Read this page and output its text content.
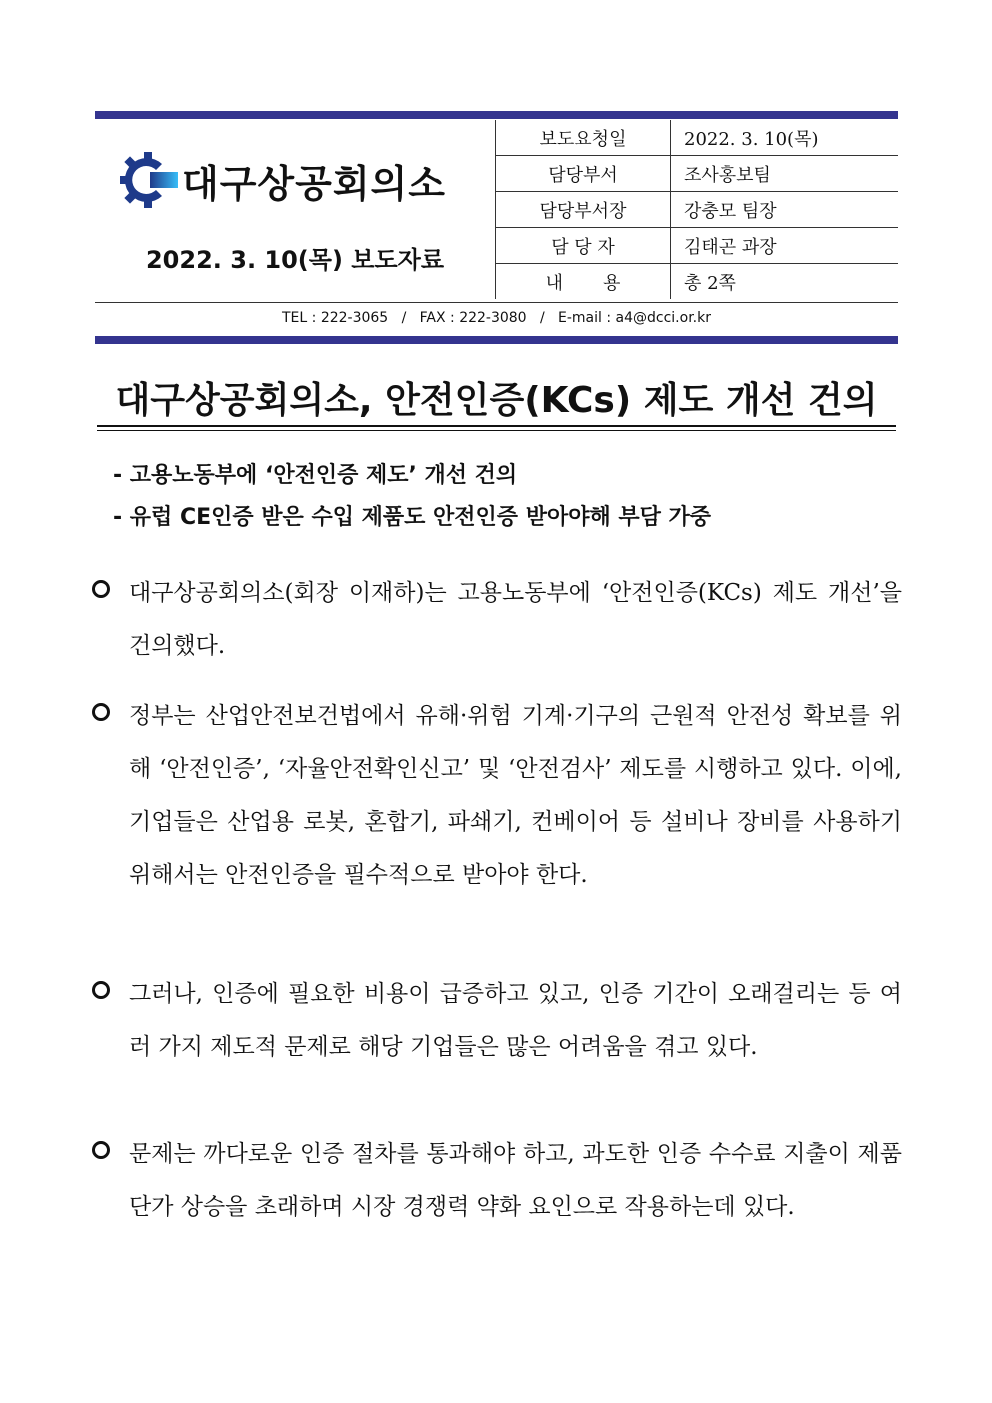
대구상공회의소
2022. 3. 10(목) 보도자료
보도요청일	2022. 3. 10(목)
담당부서	조사홍보팀
담당부서장	강충모 팀장
담 당 자	김태곤 과장
내       용	총 2쪽
TEL : 222-3065   /   FAX : 222-3080   /   E-mail : a4@dcci.or.kr
대구상공회의소, 안전인증(KCs) 제도 개선 건의
- 고용노동부에 ‘안전인증 제도’ 개선 건의
- 유럽 CE인증 받은 수입 제품도 안전인증 받아야해 부담 가중
대구상공회의소(회장 이재하)는 고용노동부에 ‘안전인증(KCs) 제도 개선’을 건의했다.
정부는 산업안전보건법에서 유해·위험 기계·기구의 근원적 안전성 확보를 위해 ‘안전인증’, ‘자율안전확인신고’ 및 ‘안전검사’ 제도를 시행하고 있다. 이에, 기업들은 산업용 로봇, 혼합기, 파쇄기, 컨베이어 등 설비나 장비를 사용하기 위해서는 안전인증을 필수적으로 받아야 한다.
그러나, 인증에 필요한 비용이 급증하고 있고, 인증 기간이 오래걸리는 등 여러 가지 제도적 문제로 해당 기업들은 많은 어려움을 겪고 있다.
문제는 까다로운 인증 절차를 통과해야 하고, 과도한 인증 수수료 지출이 제품 단가 상승을 초래하며 시장 경쟁력 약화 요인으로 작용하는데 있다.
